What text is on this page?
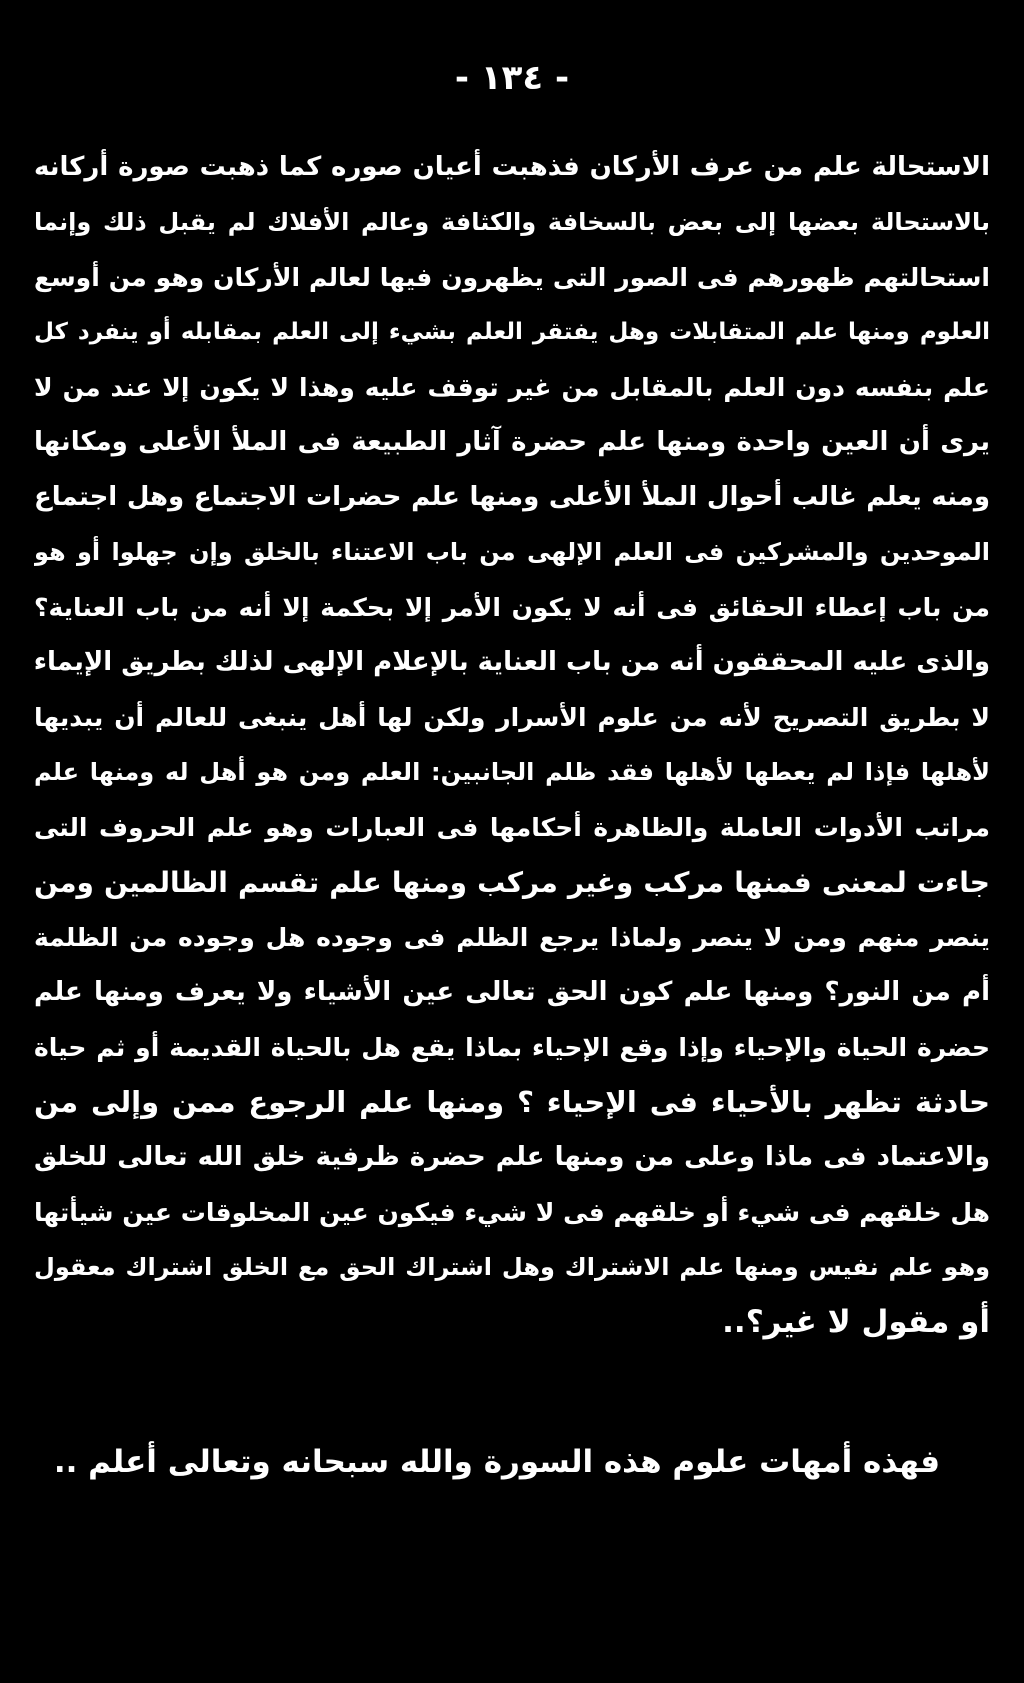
- ١٣٤ -
الاستحالة علم من عرف الأركان فذهبت أعيان صوره كما ذهبت صورة أركانه
بالاستحالة بعضها إلى بعض بالسخافة والكثافة وعالم الأفلاك لم يقبل ذلك وإنما
استحالتهم ظهورهم فى الصور التى يظهرون فيها لعالم الأركان وهو من أوسع
العلوم ومنها علم المتقابلات وهل يفتقر العلم بشيء إلى العلم بمقابله أو ينفرد كل
علم بنفسه دون العلم بالمقابل من غير توقف عليه وهذا لا يكون إلا عند من لا
يرى أن العين واحدة ومنها علم حضرة آثار الطبيعة فى الملأ الأعلى ومكانها
ومنه يعلم غالب أحوال الملأ الأعلى ومنها علم حضرات الاجتماع وهل اجتماع
الموحدين والمشركين فى العلم الإلهى من باب الاعتناء بالخلق وإن جهلوا أو هو
من باب إعطاء الحقائق فى أنه لا يكون الأمر إلا بحكمة إلا أنه من باب العناية؟
والذى عليه المحققون أنه من باب العناية بالإعلام الإلهى لذلك بطريق الإيماء
لا بطريق التصريح لأنه من علوم الأسرار ولكن لها أهل ينبغى للعالم أن يبديها
لأهلها فإذا لم يعطها لأهلها فقد ظلم الجانبين: العلم ومن هو أهل له ومنها علم
مراتب الأدوات العاملة والظاهرة أحكامها فى العبارات وهو علم الحروف التى
جاءت لمعنى فمنها مركب وغير مركب ومنها علم تقسم الظالمين ومن
ينصر منهم ومن لا ينصر ولماذا يرجع الظلم فى وجوده هل وجوده من الظلمة
أم من النور؟ ومنها علم كون الحق تعالى عين الأشياء ولا يعرف ومنها علم
حضرة الحياة والإحياء وإذا وقع الإحياء بماذا يقع هل بالحياة القديمة أو ثم حياة
حادثة تظهر بالأحياء فى الإحياء ؟ ومنها علم الرجوع ممن وإلى من
والاعتماد فى ماذا وعلى من ومنها علم حضرة ظرفية خلق الله تعالى للخلق
هل خلقهم فى شيء أو خلقهم فى لا شيء فيكون عين المخلوقات عين شيأتها
وهو علم نفيس ومنها علم الاشتراك وهل اشتراك الحق مع الخلق اشتراك معقول
أو مقول لا غير؟..
فهذه أمهات علوم هذه السورة والله سبحانه وتعالى أعلم ..
